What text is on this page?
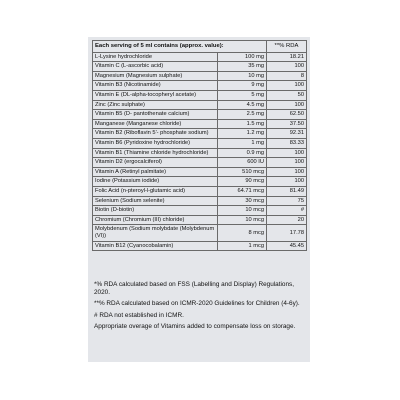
Each serving of 5 ml contains (approx. value):		**% RDA
L-Lysine hydrochloride	100 mg	18.21
Vitamin C (L-ascorbic acid)	35 mg	100
Magnesium (Magnesium sulphate)	10 mg	8
Vitamin B3 (Nicotinamide)	9 mg	100
Vitamin E (DL-alpha-tocopheryl acetate)	5 mg	50
Zinc (Zinc sulphate)	4.5 mg	100
Vitamin B5 (D- pantothenate calcium)	2.5 mg	62.50
Manganese (Manganese chloride)	1.5 mg	37.50
Vitamin B2 (Riboflavin 5'- phosphate sodium)	1.2 mg	92.31
Vitamin B6 (Pyridoxine hydrochloride)	1 mg	83.33
Vitamin B1 (Thiamine chloride hydrochloride)	0.9 mg	100
Vitamin D2 (ergocalciferol)	600 IU	100
Vitamin A (Retinyl palmitate)	510 mcg	100
Iodine (Potassium iodide)	90 mcg	100
Folic Acid (n-pteroyl-l-glutamic acid)	64.71 mcg	81.49
Selenium (Sodium selenite)	30 mcg	75
Biotin (D-biotin)	10 mcg	#
Chromium (Chromium (III) chloride)	10 mcg	20
Molybdenum (Sodium molybdate (Molybdenum (VI))	8 mcg	17.78
Vitamin B12 (Cyanocobalamin)	1 mcg	45.45

*% RDA calculated based on FSS (Labelling and Display) Regulations, 2020.

**% RDA calculated based on ICMR-2020 Guidelines for Children (4-6y).

# RDA not established in ICMR.

Appropriate overage of Vitamins added to compensate loss on storage.
